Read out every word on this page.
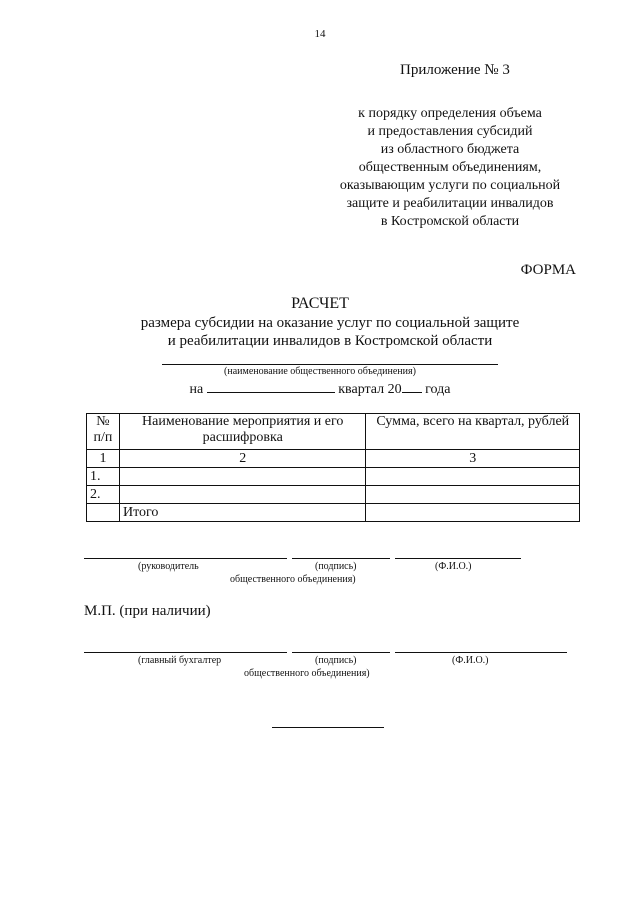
14
Приложение № 3
к порядку определения объема
и предоставления субсидий
из областного бюджета
общественным объединениям,
оказывающим услуги по социальной
защите и реабилитации инвалидов
в Костромской области
ФОРМА
РАСЧЕТ
размера субсидии на оказание услуг по социальной защите
и реабилитации инвалидов в Костромской области
(наименование общественного объединения)
на	квартал 20 года
№ п/п	Наименование мероприятия и его расшифровка	Сумма, всего на квартал, рублей
1	2	3
1.		
2.		
	Итого	
(руководитель	(подпись)	(Ф.И.О.)
общественного объединения)
М.П. (при наличии)
(главный бухгалтер	(подпись)	(Ф.И.О.)
общественного объединения)
